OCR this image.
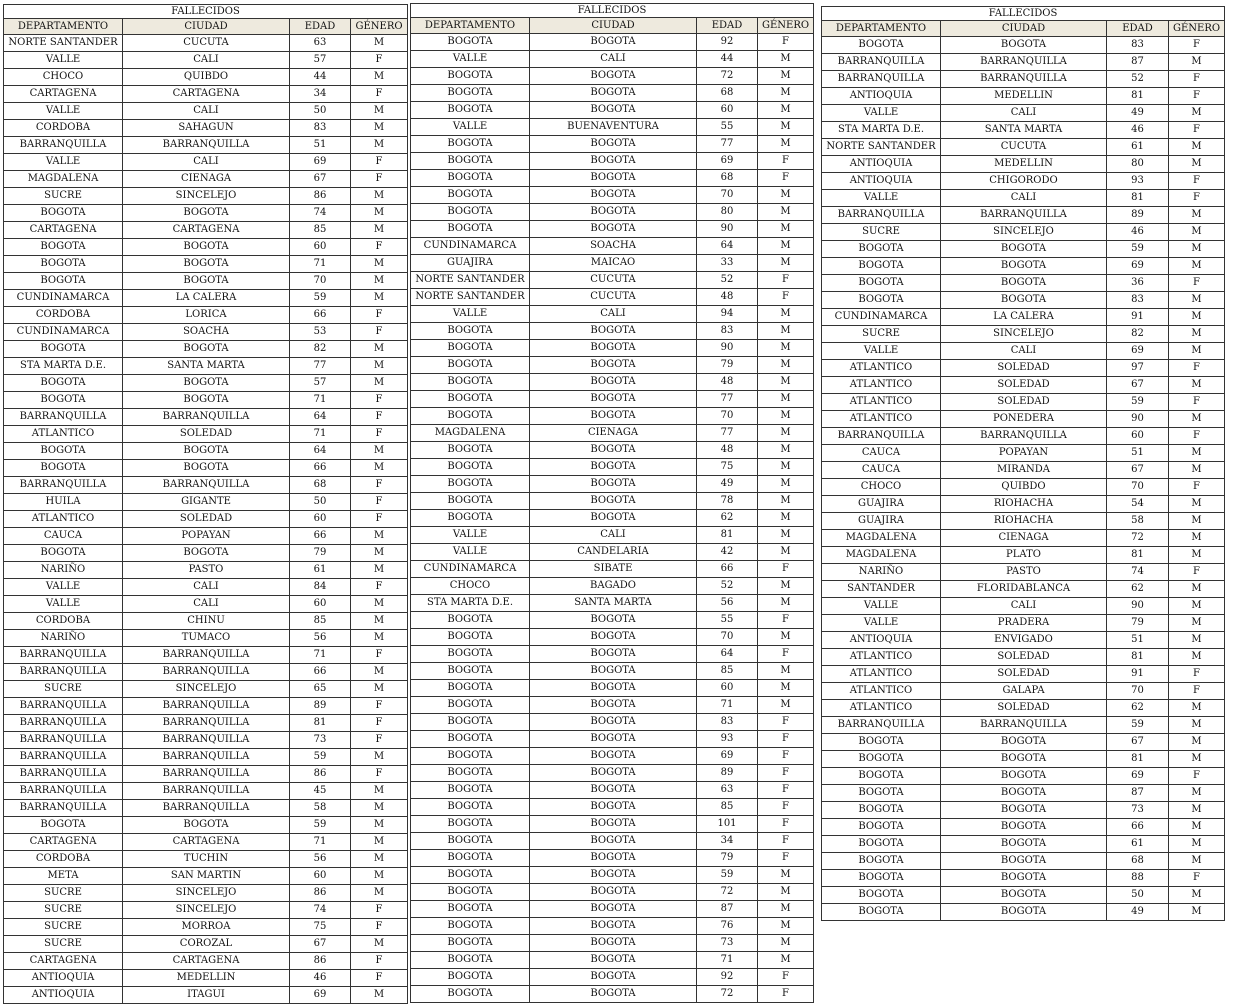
FALLECIDOS			
DEPARTAMENTO	CIUDAD	EDAD	GÉNERO
NORTE SANTANDER	CUCUTA	63	M
VALLE	CALI	57	F
CHOCO	QUIBDO	44	M
CARTAGENA	CARTAGENA	34	F
VALLE	CALI	50	M
CORDOBA	SAHAGUN	83	M
BARRANQUILLA	BARRANQUILLA	51	M
VALLE	CALI	69	F
MAGDALENA	CIENAGA	67	F
SUCRE	SINCELEJO	86	M
BOGOTA	BOGOTA	74	M
CARTAGENA	CARTAGENA	85	M
BOGOTA	BOGOTA	60	F
BOGOTA	BOGOTA	71	M
BOGOTA	BOGOTA	70	M
CUNDINAMARCA	LA CALERA	59	M
CORDOBA	LORICA	66	F
CUNDINAMARCA	SOACHA	53	F
BOGOTA	BOGOTA	82	M
STA MARTA D.E.	SANTA MARTA	77	M
BOGOTA	BOGOTA	57	M
BOGOTA	BOGOTA	71	F
BARRANQUILLA	BARRANQUILLA	64	F
ATLANTICO	SOLEDAD	71	F
BOGOTA	BOGOTA	64	M
BOGOTA	BOGOTA	66	M
BARRANQUILLA	BARRANQUILLA	68	F
HUILA	GIGANTE	50	F
ATLANTICO	SOLEDAD	60	F
CAUCA	POPAYAN	66	M
BOGOTA	BOGOTA	79	M
NARIÑO	PASTO	61	M
VALLE	CALI	84	F
VALLE	CALI	60	M
CORDOBA	CHINU	85	M
NARIÑO	TUMACO	56	M
BARRANQUILLA	BARRANQUILLA	71	F
BARRANQUILLA	BARRANQUILLA	66	M
SUCRE	SINCELEJO	65	M
BARRANQUILLA	BARRANQUILLA	89	F
BARRANQUILLA	BARRANQUILLA	81	F
BARRANQUILLA	BARRANQUILLA	73	F
BARRANQUILLA	BARRANQUILLA	59	M
BARRANQUILLA	BARRANQUILLA	86	F
BARRANQUILLA	BARRANQUILLA	45	M
BARRANQUILLA	BARRANQUILLA	58	M
BOGOTA	BOGOTA	59	M
CARTAGENA	CARTAGENA	71	M
CORDOBA	TUCHIN	56	M
META	SAN MARTIN	60	M
SUCRE	SINCELEJO	86	M
SUCRE	SINCELEJO	74	F
SUCRE	MORROA	75	F
SUCRE	COROZAL	67	M
CARTAGENA	CARTAGENA	86	F
ANTIOQUIA	MEDELLIN	46	F
ANTIOQUIA	ITAGUI	69	M
FALLECIDOS			
DEPARTAMENTO	CIUDAD	EDAD	GÉNERO
BOGOTA	BOGOTA	92	F
VALLE	CALI	44	M
BOGOTA	BOGOTA	72	M
BOGOTA	BOGOTA	68	M
BOGOTA	BOGOTA	60	M
VALLE	BUENAVENTURA	55	M
BOGOTA	BOGOTA	77	M
BOGOTA	BOGOTA	69	F
BOGOTA	BOGOTA	68	F
BOGOTA	BOGOTA	70	M
BOGOTA	BOGOTA	80	M
BOGOTA	BOGOTA	90	M
CUNDINAMARCA	SOACHA	64	M
GUAJIRA	MAICAO	33	M
NORTE SANTANDER	CUCUTA	52	F
NORTE SANTANDER	CUCUTA	48	F
VALLE	CALI	94	M
BOGOTA	BOGOTA	83	M
BOGOTA	BOGOTA	90	M
BOGOTA	BOGOTA	79	M
BOGOTA	BOGOTA	48	M
BOGOTA	BOGOTA	77	M
BOGOTA	BOGOTA	70	M
MAGDALENA	CIENAGA	77	M
BOGOTA	BOGOTA	48	M
BOGOTA	BOGOTA	75	M
BOGOTA	BOGOTA	49	M
BOGOTA	BOGOTA	78	M
BOGOTA	BOGOTA	62	M
VALLE	CALI	81	M
VALLE	CANDELARIA	42	M
CUNDINAMARCA	SIBATE	66	F
CHOCO	BAGADO	52	M
STA MARTA D.E.	SANTA MARTA	56	M
BOGOTA	BOGOTA	55	F
BOGOTA	BOGOTA	70	M
BOGOTA	BOGOTA	64	F
BOGOTA	BOGOTA	85	M
BOGOTA	BOGOTA	60	M
BOGOTA	BOGOTA	71	M
BOGOTA	BOGOTA	83	F
BOGOTA	BOGOTA	93	F
BOGOTA	BOGOTA	69	F
BOGOTA	BOGOTA	89	F
BOGOTA	BOGOTA	63	F
BOGOTA	BOGOTA	85	F
BOGOTA	BOGOTA	101	F
BOGOTA	BOGOTA	34	F
BOGOTA	BOGOTA	79	F
BOGOTA	BOGOTA	59	M
BOGOTA	BOGOTA	72	M
BOGOTA	BOGOTA	87	M
BOGOTA	BOGOTA	76	M
BOGOTA	BOGOTA	73	M
BOGOTA	BOGOTA	71	M
BOGOTA	BOGOTA	92	F
BOGOTA	BOGOTA	72	F
FALLECIDOS			
DEPARTAMENTO	CIUDAD	EDAD	GÉNERO
BOGOTA	BOGOTA	83	F
BARRANQUILLA	BARRANQUILLA	87	M
BARRANQUILLA	BARRANQUILLA	52	F
ANTIOQUIA	MEDELLIN	81	F
VALLE	CALI	49	M
STA MARTA D.E.	SANTA MARTA	46	F
NORTE SANTANDER	CUCUTA	61	M
ANTIOQUIA	MEDELLIN	80	M
ANTIOQUIA	CHIGORODO	93	F
VALLE	CALI	81	F
BARRANQUILLA	BARRANQUILLA	89	M
SUCRE	SINCELEJO	46	M
BOGOTA	BOGOTA	59	M
BOGOTA	BOGOTA	69	M
BOGOTA	BOGOTA	36	F
BOGOTA	BOGOTA	83	M
CUNDINAMARCA	LA CALERA	91	M
SUCRE	SINCELEJO	82	M
VALLE	CALI	69	M
ATLANTICO	SOLEDAD	97	F
ATLANTICO	SOLEDAD	67	M
ATLANTICO	SOLEDAD	59	F
ATLANTICO	PONEDERA	90	M
BARRANQUILLA	BARRANQUILLA	60	F
CAUCA	POPAYAN	51	M
CAUCA	MIRANDA	67	M
CHOCO	QUIBDO	70	F
GUAJIRA	RIOHACHA	54	M
GUAJIRA	RIOHACHA	58	M
MAGDALENA	CIENAGA	72	M
MAGDALENA	PLATO	81	M
NARIÑO	PASTO	74	F
SANTANDER	FLORIDABLANCA	62	M
VALLE	CALI	90	M
VALLE	PRADERA	79	M
ANTIOQUIA	ENVIGADO	51	M
ATLANTICO	SOLEDAD	81	M
ATLANTICO	SOLEDAD	91	F
ATLANTICO	GALAPA	70	F
ATLANTICO	SOLEDAD	62	M
BARRANQUILLA	BARRANQUILLA	59	M
BOGOTA	BOGOTA	67	M
BOGOTA	BOGOTA	81	M
BOGOTA	BOGOTA	69	F
BOGOTA	BOGOTA	87	M
BOGOTA	BOGOTA	73	M
BOGOTA	BOGOTA	66	M
BOGOTA	BOGOTA	61	M
BOGOTA	BOGOTA	68	M
BOGOTA	BOGOTA	88	F
BOGOTA	BOGOTA	50	M
BOGOTA	BOGOTA	49	M
